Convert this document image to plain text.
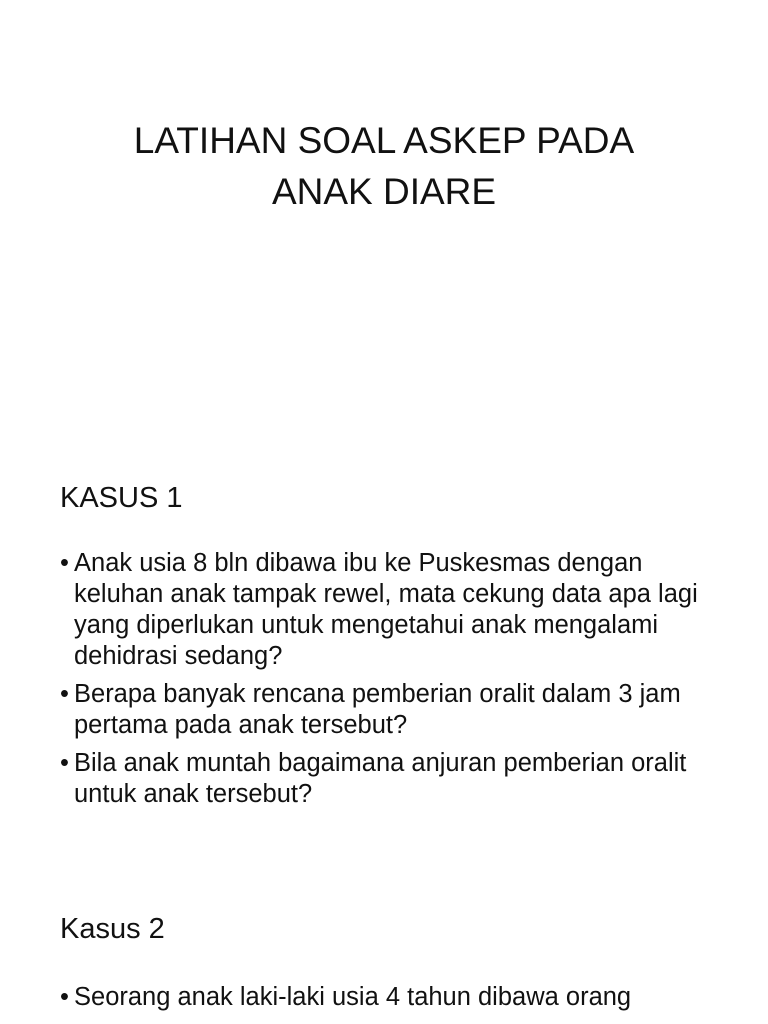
LATIHAN SOAL ASKEP PADA
ANAK DIARE
KASUS 1
• Anak usia 8 bln dibawa ibu ke Puskesmas dengan keluhan anak tampak rewel, mata cekung data apa lagi yang diperlukan untuk mengetahui anak mengalami dehidrasi sedang?
• Berapa banyak rencana pemberian oralit dalam 3 jam pertama pada anak tersebut?
• Bila anak muntah bagaimana anjuran pemberian oralit untuk anak tersebut?
Kasus 2
• Seorang anak laki-laki usia 4 tahun dibawa orang
